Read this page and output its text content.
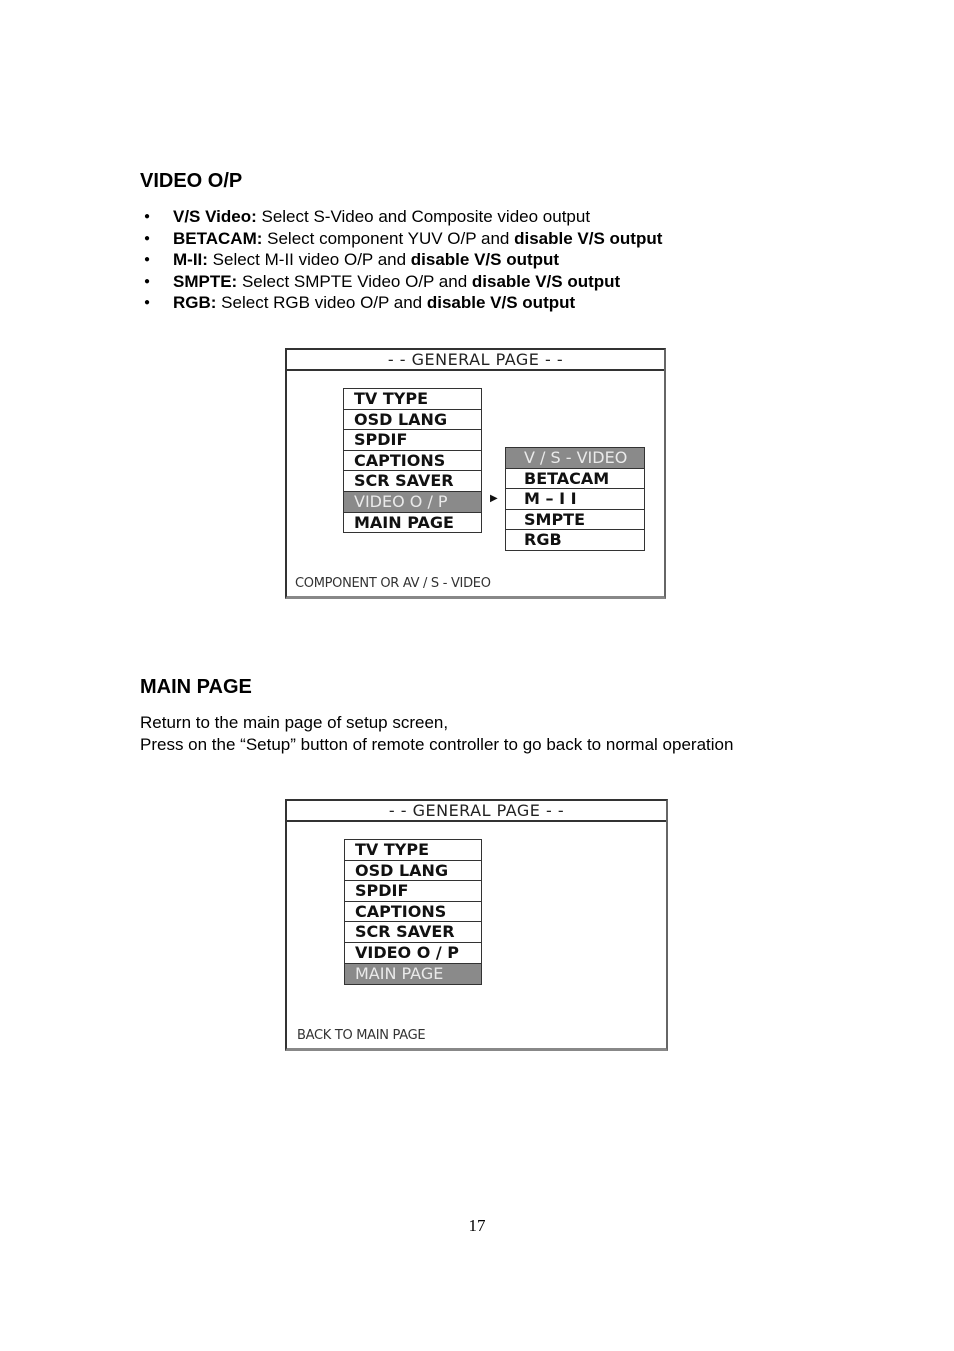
VIDEO O/P
● V/S Video: Select S-Video and Composite video output
● BETACAM: Select component YUV O/P and disable V/S output
● M-II: Select M-II video O/P and disable V/S output
● SMPTE: Select SMPTE Video O/P and disable V/S output
● RGB: Select RGB video O/P and disable V/S output
- - GENERAL PAGE - -
TV TYPE
OSD LANG
SPDIF
CAPTIONS
SCR SAVER
VIDEO O / P
MAIN PAGE
▶
V / S - VIDEO
BETACAM
M – I I
SMPTE
RGB
COMPONENT OR AV / S - VIDEO
MAIN PAGE

Return to the main page of setup screen,
Press on the “Setup” button of remote controller to go back to normal operation

- - GENERAL PAGE - -
TV TYPE
OSD LANG
SPDIF
CAPTIONS
SCR SAVER
VIDEO O / P
MAIN PAGE
BACK TO MAIN PAGE
17
